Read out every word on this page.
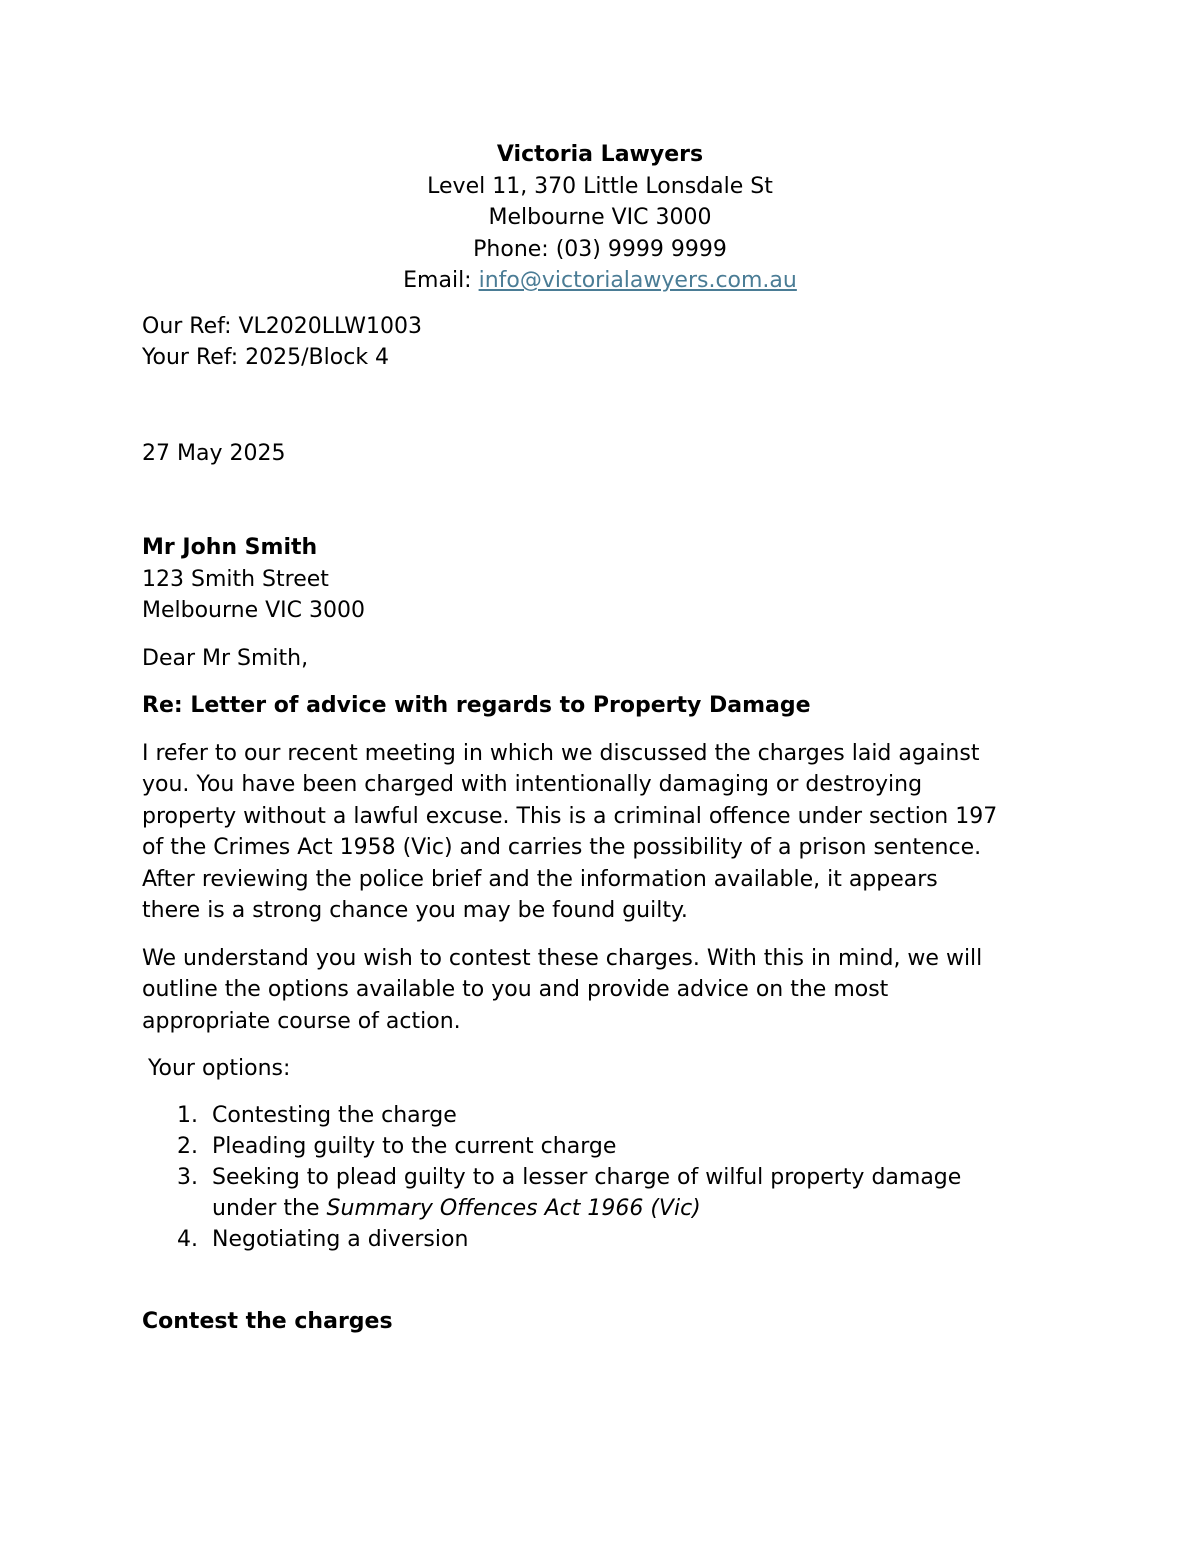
Victoria Lawyers
Level 11, 370 Little Lonsdale St
Melbourne VIC 3000
Phone: (03) 9999 9999
Email: info@victorialawyers.com.au
Our Ref: VL2020LLW1003
Your Ref: 2025/Block 4
27 May 2025
Mr John Smith
123 Smith Street
Melbourne VIC 3000
Dear Mr Smith,
Re: Letter of advice with regards to Property Damage
I refer to our recent meeting in which we discussed the charges laid against
you. You have been charged with intentionally damaging or destroying
property without a lawful excuse. This is a criminal offence under section 197
of the Crimes Act 1958 (Vic) and carries the possibility of a prison sentence.
After reviewing the police brief and the information available, it appears
there is a strong chance you may be found guilty.
We understand you wish to contest these charges. With this in mind, we will
outline the options available to you and provide advice on the most
appropriate course of action.
Your options:
1. Contesting the charge
2. Pleading guilty to the current charge
3. Seeking to plead guilty to a lesser charge of wilful property damage
under the Summary Offences Act 1966 (Vic)
4. Negotiating a diversion
Contest the charges
